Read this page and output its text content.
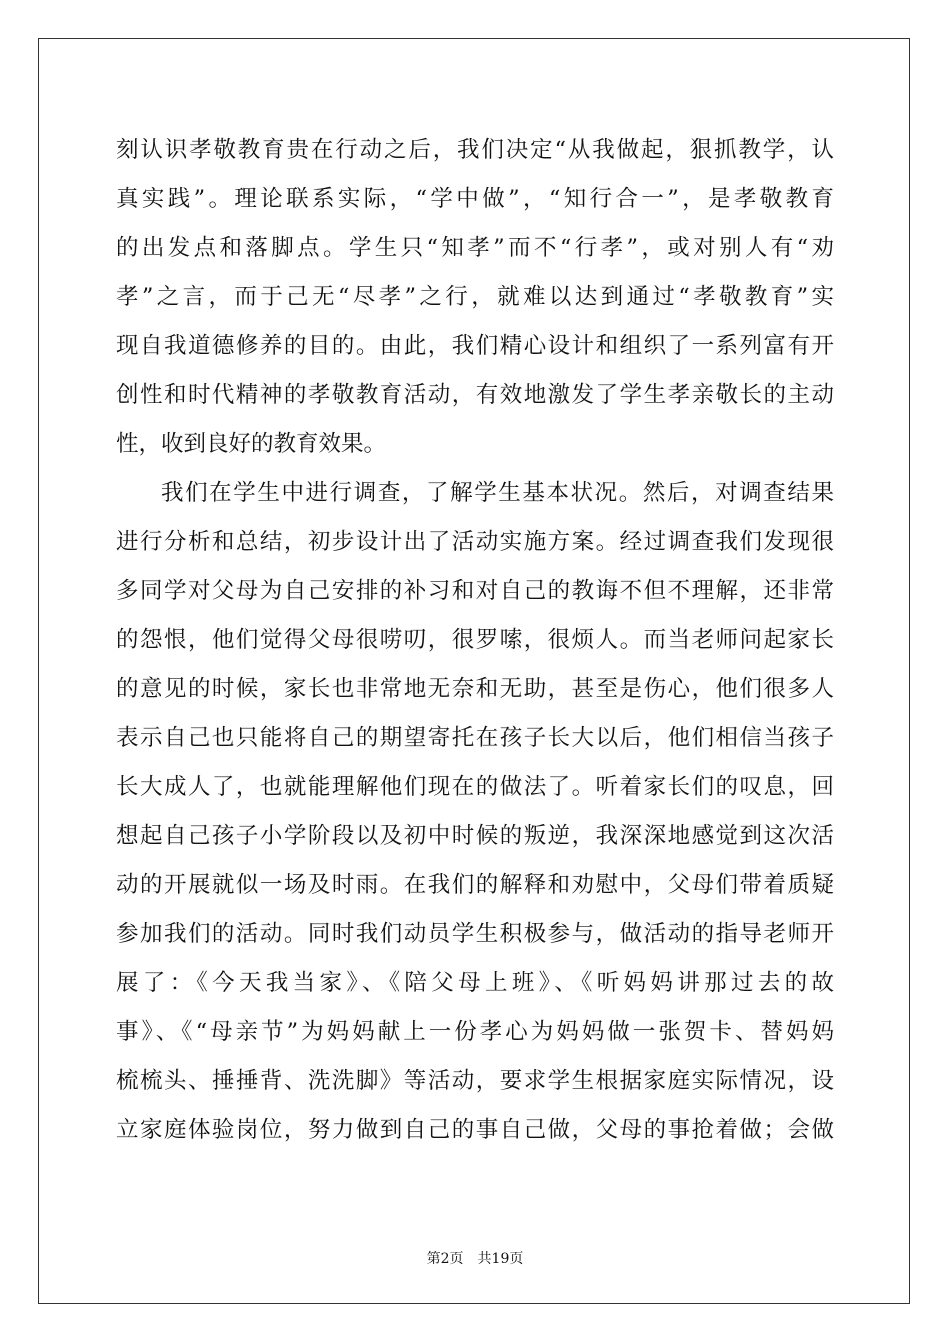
刻认识孝敬教育贵在行动之后，我们决定“从我做起，狠抓教学，认
真实践”。理论联系实际，“学中做”，“知行合一”，是孝敬教育
的出发点和落脚点。学生只“知孝”而不“行孝”，或对别人有“劝
孝”之言，而于己无“尽孝”之行，就难以达到通过“孝敬教育”实
现自我道德修养的目的。由此，我们精心设计和组织了一系列富有开
创性和时代精神的孝敬教育活动，有效地激发了学生孝亲敬长的主动
性，收到良好的教育效果。
我们在学生中进行调查，了解学生基本状况。然后，对调查结果
进行分析和总结，初步设计出了活动实施方案。经过调查我们发现很
多同学对父母为自己安排的补习和对自己的教诲不但不理解，还非常
的怨恨，他们觉得父母很唠叨，很罗嗦，很烦人。而当老师问起家长
的意见的时候，家长也非常地无奈和无助，甚至是伤心，他们很多人
表示自己也只能将自己的期望寄托在孩子长大以后，他们相信当孩子
长大成人了，也就能理解他们现在的做法了。听着家长们的叹息，回
想起自己孩子小学阶段以及初中时候的叛逆，我深深地感觉到这次活
动的开展就似一场及时雨。在我们的解释和劝慰中，父母们带着质疑
参加我们的活动。同时我们动员学生积极参与，做活动的指导老师开
展了：《今天我当家》、《陪父母上班》、《听妈妈讲那过去的故
事》、《“母亲节”为妈妈献上一份孝心为妈妈做一张贺卡、替妈妈
梳梳头、捶捶背、洗洗脚》等活动，要求学生根据家庭实际情况，设
立家庭体验岗位，努力做到自己的事自己做，父母的事抢着做；会做
第2页　共19页
